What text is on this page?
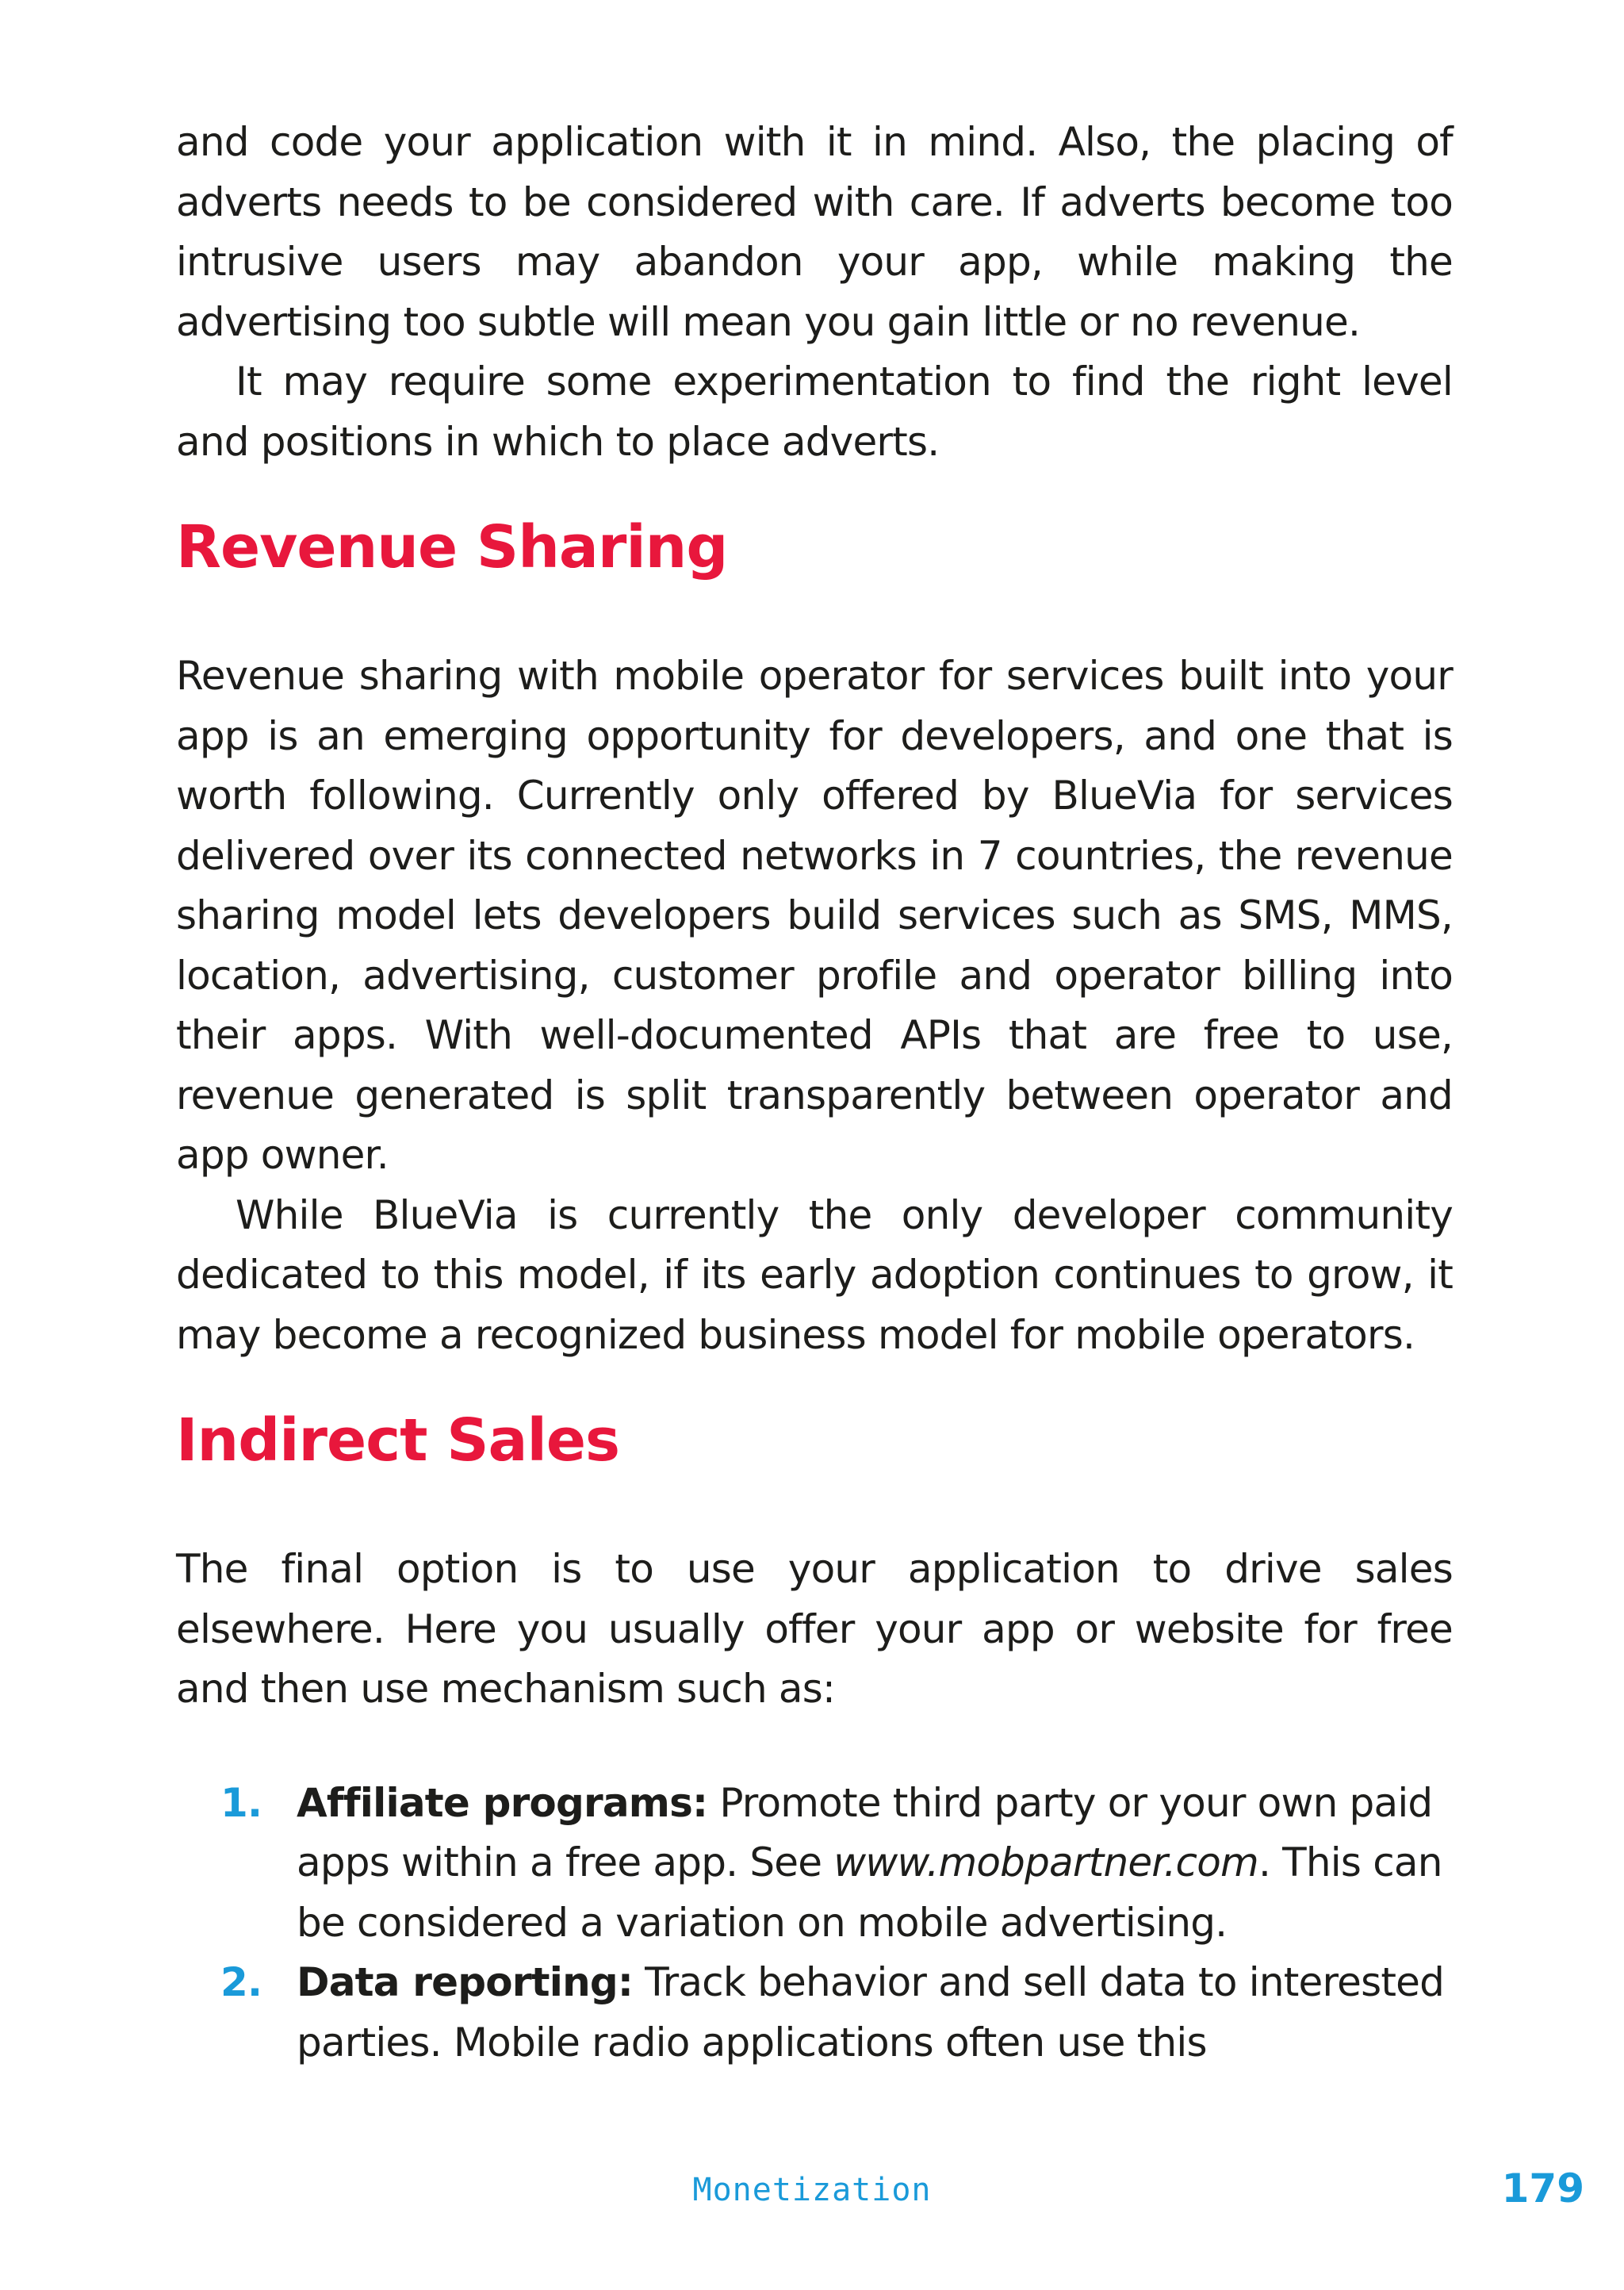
and code your application with it in mind. Also, the placing of adverts needs to be considered with care. If adverts become too intrusive users may abandon your app, while making the advertising too subtle will mean you gain little or no revenue.

It may require some experimentation to find the right level and positions in which to place adverts.

Revenue Sharing

Revenue sharing with mobile operator for services built into your app is an emerging opportunity for developers, and one that is worth following. Currently only offered by BlueVia for services delivered over its connected networks in 7 countries, the revenue sharing model lets developers build services such as SMS, MMS, location, advertising, customer profile and operator billing into their apps. With well-documented APIs that are free to use, revenue generated is split transparently between operator and app owner.

While BlueVia is currently the only developer community dedicated to this model, if its early adoption continues to grow, it may become a recognized business model for mobile operators.

Indirect Sales

The final option is to use your application to drive sales elsewhere. Here you usually offer your app or website for free and then use mechanism such as:

1. Affiliate programs: Promote third party or your own paid apps within a free app. See www.mobpartner.com. This can be considered a variation on mobile advertising.
2. Data reporting: Track behavior and sell data to interested parties. Mobile radio applications often use this
Monetization	179
